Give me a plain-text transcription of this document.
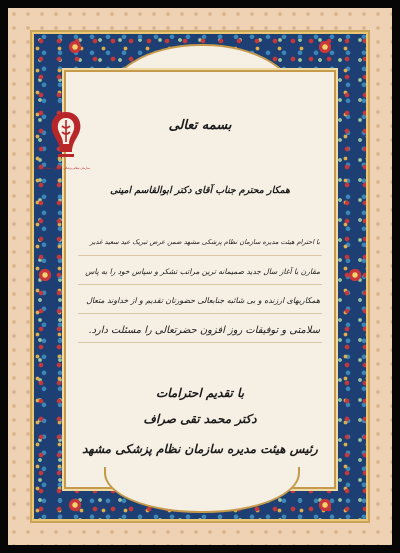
سازمان نظام پزشکی جمهوری اسلامی ایران
بسمه تعالی
همکار محترم جناب آقای دکتر ابوالقاسم امینی
با احترام هیئت مدیره سازمان نظام پزشکی مشهد ضمن عرض تبریک عید سعید غدیر
مقارن با آغاز سال جدید صمیمانه ترین مراتب تشکر و سپاس خود را به پاس
همکاریهای ارزنده و بی شائبه جنابعالی حضورتان تقدیم و از خداوند متعال
سلامتی و توفیقات روز افزون حضرتعالی را مسئلت دارد.
با تقدیم احترامات
دکتر محمد تقی صراف
رئیس هیئت مدیره سازمان نظام پزشکی مشهد
